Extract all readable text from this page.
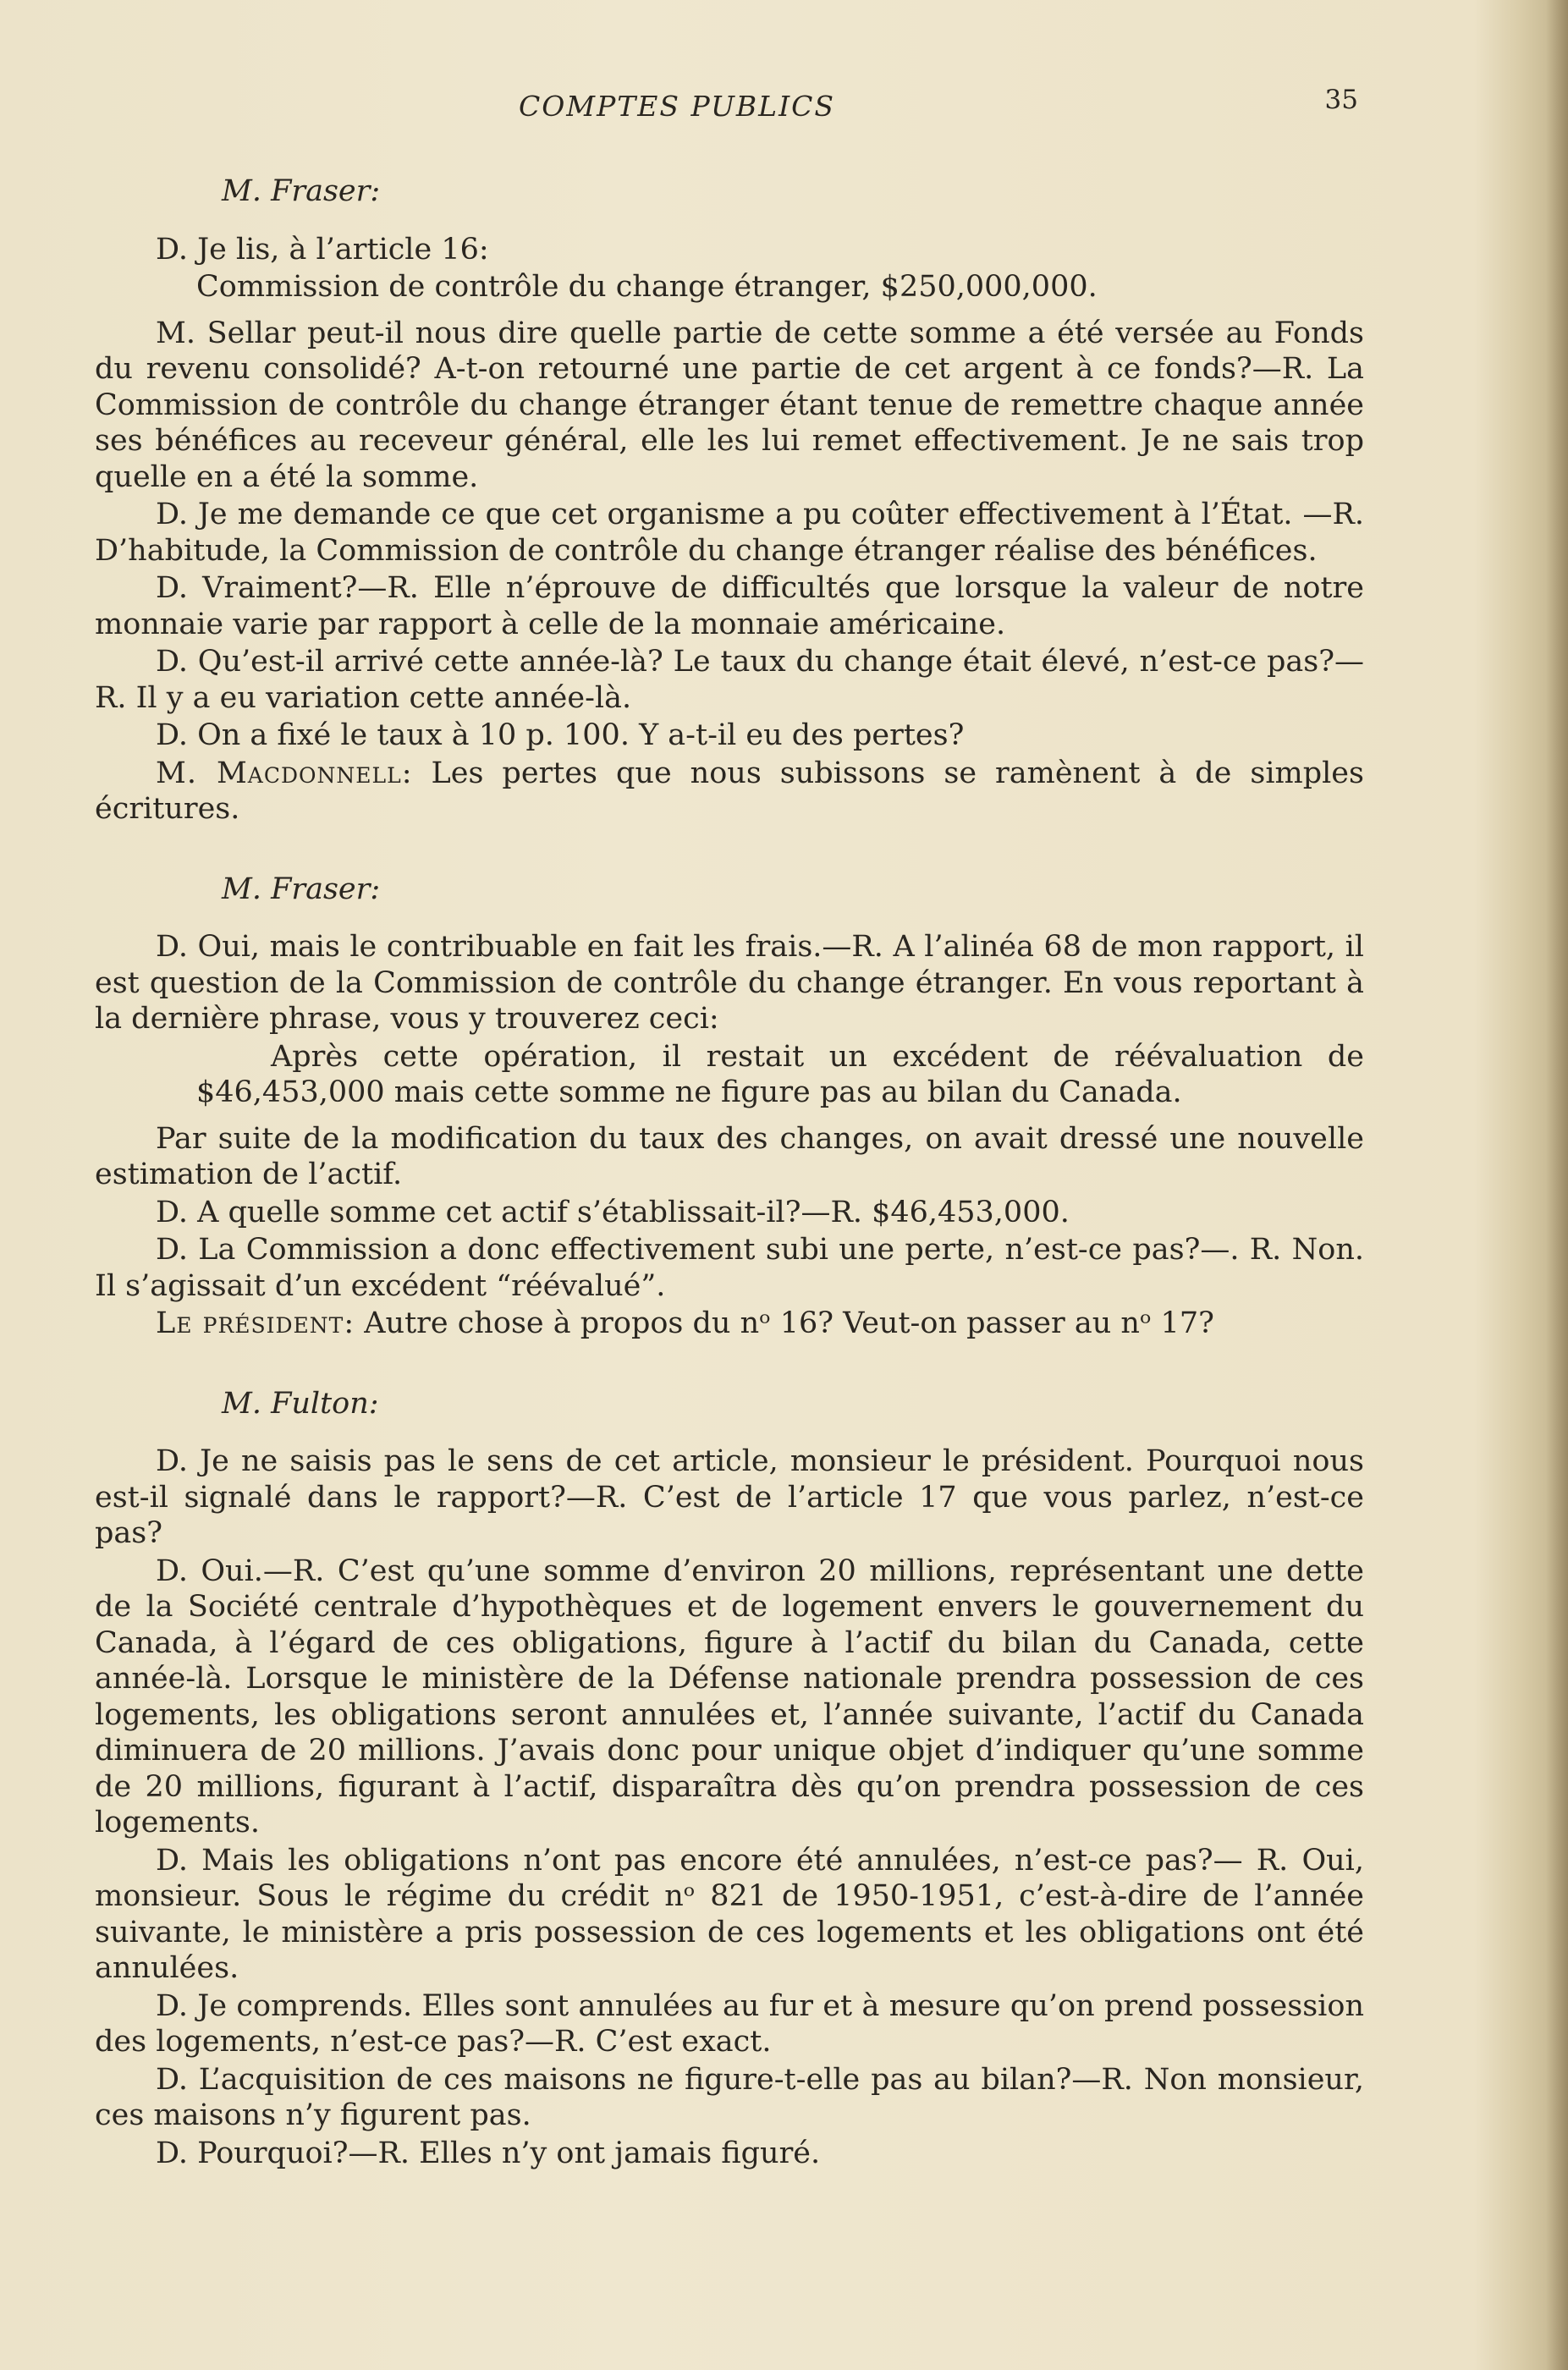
COMPTES PUBLICS	35
M. Fraser:

D. Je lis, à l’article 16:

Commission de contrôle du change étranger, $250,000,000.

M. Sellar peut-il nous dire quelle partie de cette somme a été versée au Fonds du revenu consolidé? A-t-on retourné une partie de cet argent à ce fonds?—R. La Commission de contrôle du change étranger étant tenue de remettre chaque année ses bénéfices au receveur général, elle les lui remet effectivement. Je ne sais trop quelle en a été la somme.

D. Je me demande ce que cet organisme a pu coûter effectivement à l’État. —R. D’habitude, la Commission de contrôle du change étranger réalise des bénéfices.

D. Vraiment?—R. Elle n’éprouve de difficultés que lorsque la valeur de notre monnaie varie par rapport à celle de la monnaie américaine.

D. Qu’est-il arrivé cette année-là? Le taux du change était élevé, n’est-ce pas?—R. Il y a eu variation cette année-là.

D. On a fixé le taux à 10 p. 100. Y a-t-il eu des pertes?

M. Macdonnell: Les pertes que nous subissons se ramènent à de simples écritures.

M. Fraser:

D. Oui, mais le contribuable en fait les frais.—R. A l’alinéa 68 de mon rapport, il est question de la Commission de contrôle du change étranger. En vous reportant à la dernière phrase, vous y trouverez ceci:

Après cette opération, il restait un excédent de réévaluation de $46,453,000 mais cette somme ne figure pas au bilan du Canada.

Par suite de la modification du taux des changes, on avait dressé une nouvelle estimation de l’actif.

D. A quelle somme cet actif s’établissait-il?—R. $46,453,000.

D. La Commission a donc effectivement subi une perte, n’est-ce pas?—. R. Non. Il s’agissait d’un excédent “réévalué”.

Le président: Autre chose à propos du nᵒ 16? Veut-on passer au nᵒ 17?

M. Fulton:

D. Je ne saisis pas le sens de cet article, monsieur le président. Pourquoi nous est-il signalé dans le rapport?—R. C’est de l’article 17 que vous parlez, n’est-ce pas?

D. Oui.—R. C’est qu’une somme d’environ 20 millions, représentant une dette de la Société centrale d’hypothèques et de logement envers le gouvernement du Canada, à l’égard de ces obligations, figure à l’actif du bilan du Canada, cette année-là. Lorsque le ministère de la Défense nationale prendra possession de ces logements, les obligations seront annulées et, l’année suivante, l’actif du Canada diminuera de 20 millions. J’avais donc pour unique objet d’indiquer qu’une somme de 20 millions, figurant à l’actif, disparaîtra dès qu’on prendra possession de ces logements.

D. Mais les obligations n’ont pas encore été annulées, n’est-ce pas?— R. Oui, monsieur. Sous le régime du crédit nᵒ 821 de 1950-1951, c’est-à-dire de l’année suivante, le ministère a pris possession de ces logements et les obligations ont été annulées.

D. Je comprends. Elles sont annulées au fur et à mesure qu’on prend possession des logements, n’est-ce pas?—R. C’est exact.

D. L’acquisition de ces maisons ne figure-t-elle pas au bilan?—R. Non monsieur, ces maisons n’y figurent pas.

D. Pourquoi?—R. Elles n’y ont jamais figuré.
